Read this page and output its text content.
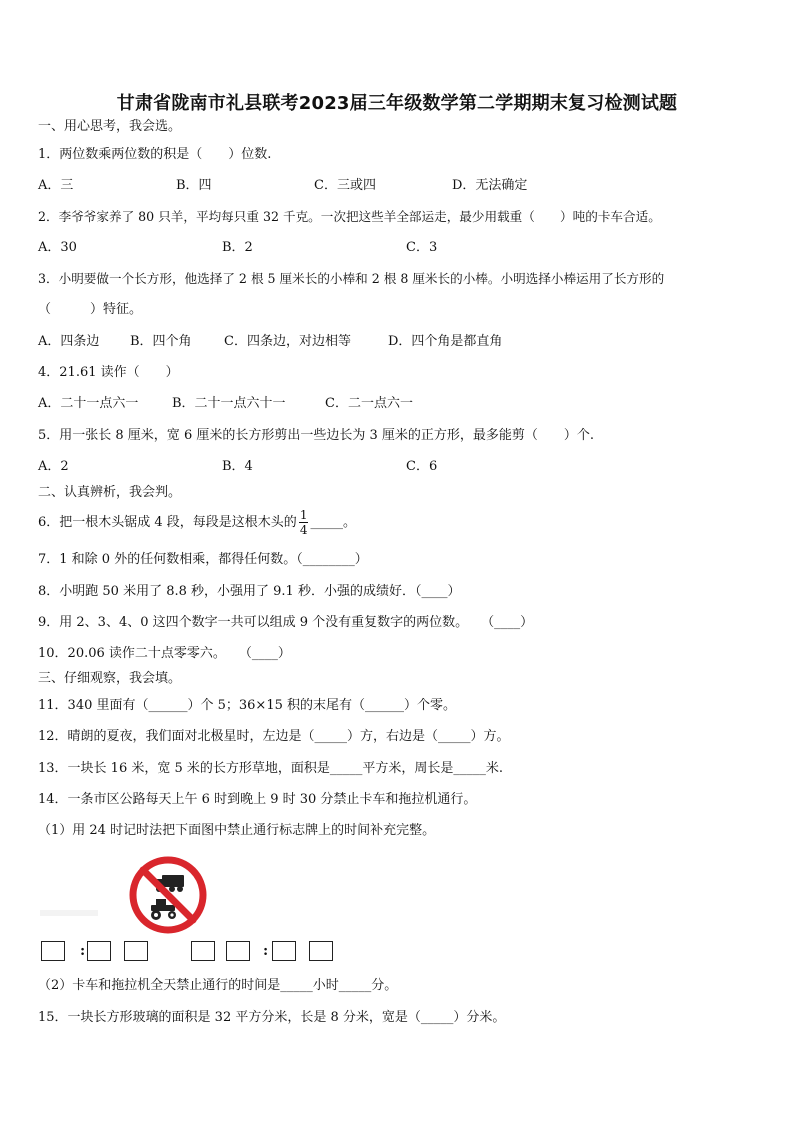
甘肃省陇南市礼县联考2023届三年级数学第二学期期末复习检测试题
一、用心思考，我会选。
1．两位数乘两位数的积是（　　）位数.
A．三	B．四	C．三或四	D．无法确定
2．李爷爷家养了 80 只羊，平均每只重 32 千克。一次把这些羊全部运走，最少用载重（　　）吨的卡车合适。
A．30	B．2	C．3
3．小明要做一个长方形，他选择了 2 根 5 厘米长的小棒和 2 根 8 厘米长的小棒。小明选择小棒运用了长方形的
（　　　）特征。
A．四条边 B．四个角 C．四条边，对边相等	D．四个角是都直角
4．21.61 读作（　　）
A．二十一点六一	B．二十一点六十一	C．二一点六一
5．用一张长 8 厘米，宽 6 厘米的长方形剪出一些边长为 3 厘米的正方形，最多能剪（　　）个.
A．2	B．4	C．6
二、认真辨析，我会判。
6．把一根木头锯成 4 段，每段是这根木头的 $\frac{1}{4}$ _____。
7．1 和除 0 外的任何数相乘，都得任何数。（________）
8．小明跑 50 米用了 8.8 秒，小强用了 9.1 秒．小强的成绩好．（____）
9．用 2、3、4、0 这四个数字一共可以组成 9 个没有重复数字的两位数。　　（____）
10．20.06 读作二十点零零六。　　（____）
三、仔细观察，我会填。
11．340 里面有（______）个 5；36×15 积的末尾有（______）个零。
12．晴朗的夏夜，我们面对北极星时，左边是（_____）方，右边是（_____）方。
13．一块长 16 米，宽 5 米的长方形草地，面积是_____平方米，周长是_____米.
14．一条市区公路每天上午 6 时到晚上 9 时 30 分禁止卡车和拖拉机通行。
（1）用 24 时记时法把下面图中禁止通行标志牌上的时间补充完整。
:	:
（2）卡车和拖拉机全天禁止通行的时间是_____小时_____分。
15．一块长方形玻璃的面积是 32 平方分米，长是 8 分米，宽是（_____）分米。
